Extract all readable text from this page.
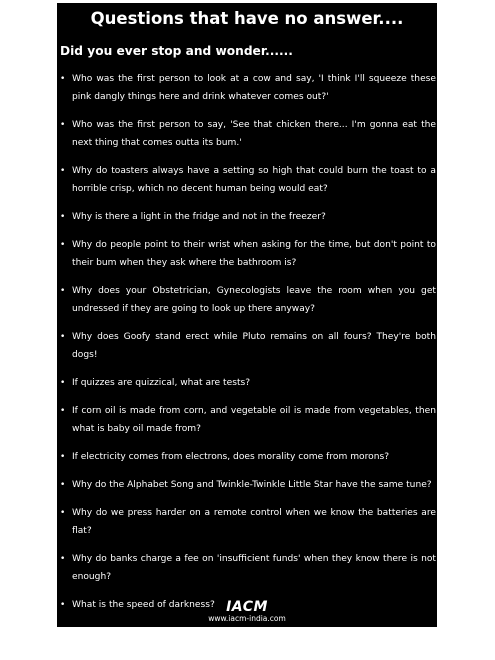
Questions that have no answer....
Did you ever stop and wonder......
• Who was the first person to look at a cow and say, 'I think I'll squeeze these pink dangly things here and drink whatever comes out?'
• Who was the first person to say, 'See that chicken there... I'm gonna eat the next thing that comes outta its bum.'
• Why do toasters always have a setting so high that could burn the toast to a horrible crisp, which no decent human being would eat?
• Why is there a light in the fridge and not in the freezer?
• Why do people point to their wrist when asking for the time, but don't point to their bum when they ask where the bathroom is?
• Why does your Obstetrician, Gynecologists leave the room when you get undressed if they are going to look up there anyway?
• Why does Goofy stand erect while Pluto remains on all fours? They're both dogs!
• If quizzes are quizzical, what are tests?
• If corn oil is made from corn, and vegetable oil is made from vegetables, then what is baby oil made from?
• If electricity comes from electrons, does morality come from morons?
• Why do the Alphabet Song and Twinkle-Twinkle Little Star have the same tune?
• Why do we press harder on a remote control when we know the batteries are flat?
• Why do banks charge a fee on 'insufficient funds' when they know there is not enough?
• What is the speed of darkness?
• Why is it that people say they 'slept like a baby' when babies wake up every two hours?
IACM
www.iacm-india.com
